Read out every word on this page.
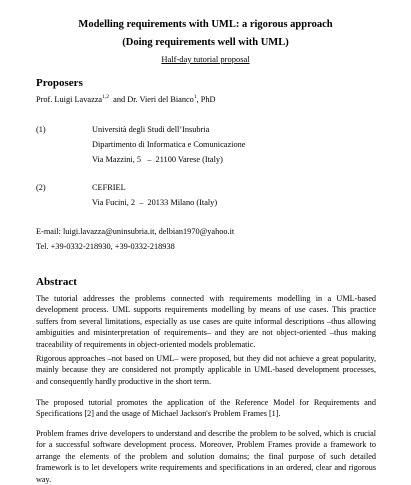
Modelling requirements with UML: a rigorous approach
(Doing requirements well with UML)
Half-day tutorial proposal
Proposers
Prof. Luigi Lavazza$^{1,2}$  and Dr. Vieri del Bianco$^1$, PhD
(1)	Università degli Studi dell’Insubria
Dipartimento di Informatica e Comunicazione
Via Mazzini, 5   –  21100 Varese (Italy)
(2)	CEFRIEL
Via Fucini, 2  –  20133 Milano (Italy)
E-mail: luigi.lavazza@uninsubria.it, delbian1970@yahoo.it
Tel. +39-0332-218930, +39-0332-218938
Abstract
The tutorial addresses the problems connected with requirements modelling in a UML-based development process. UML supports requirements modelling by means of use cases. This practice suffers from several limitations, especially as use cases are quite informal descriptions –thus allowing ambiguities and misinterpretation of requirements– and they are not object-oriented –thus making traceability of requirements in object-oriented models problematic.
Rigorous approaches –not based on UML– were proposed, but they did not achieve a great popularity, mainly because they are considered not promptly applicable in UML-based development processes, and consequently hardly productive in the short term.
The proposed tutorial promotes the application of the Reference Model for Requirements and Specifications [2] and the usage of Michael Jackson's Problem Frames [1].
Problem frames drive developers to understand and describe the problem to be solved, which is crucial for a successful software development process. Moreover, Problem Frames provide a framework to arrange the elements of the problem and solution domains; the final purpose of such detailed framework is to let developers write requirements and specifications in an ordered, clear and rigorous way.
